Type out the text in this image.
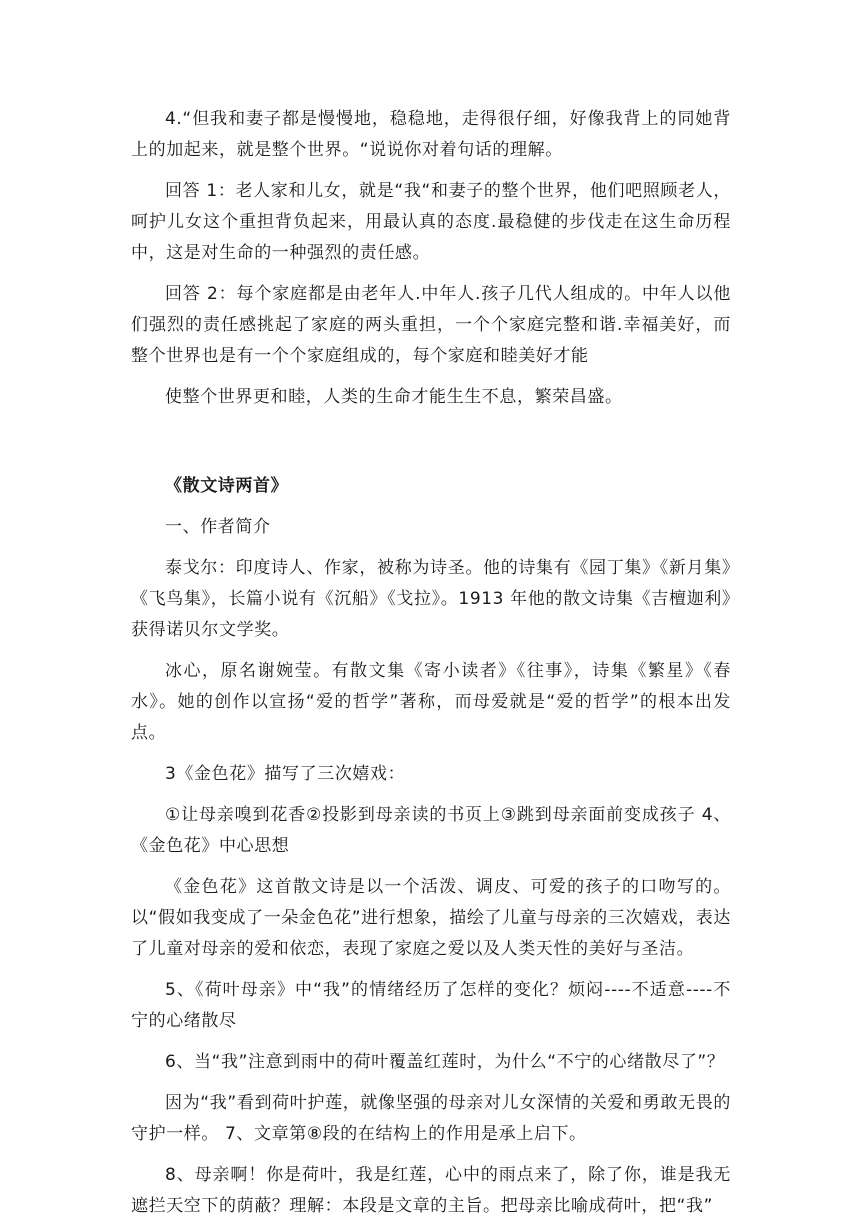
4.“但我和妻子都是慢慢地，稳稳地，走得很仔细，好像我背上的同她背上的加起来，就是整个世界。“说说你对着句话的理解。

回答 1：老人家和儿女，就是“我“和妻子的整个世界，他们吧照顾老人，呵护儿女这个重担背负起来，用最认真的态度.最稳健的步伐走在这生命历程中，这是对生命的一种强烈的责任感。

回答 2：每个家庭都是由老年人.中年人.孩子几代人组成的。中年人以他们强烈的责任感挑起了家庭的两头重担，一个个家庭完整和谐.幸福美好，而整个世界也是有一个个家庭组成的，每个家庭和睦美好才能

使整个世界更和睦，人类的生命才能生生不息，繁荣昌盛。

《散文诗两首》

一、作者简介

泰戈尔：印度诗人、作家，被称为诗圣。他的诗集有《园丁集》《新月集》《飞鸟集》，长篇小说有《沉船》《戈拉》。1913 年他的散文诗集《吉檀迦利》获得诺贝尔文学奖。

冰心，原名谢婉莹。有散文集《寄小读者》《往事》，诗集《繁星》《春水》。她的创作以宣扬“爱的哲学”著称，而母爱就是“爱的哲学”的根本出发点。

3《金色花》描写了三次嬉戏：

①让母亲嗅到花香②投影到母亲读的书页上③跳到母亲面前变成孩子 4、《金色花》中心思想

《金色花》这首散文诗是以一个活泼、调皮、可爱的孩子的口吻写的。以“假如我变成了一朵金色花”进行想象，描绘了儿童与母亲的三次嬉戏，表达了儿童对母亲的爱和依恋，表现了家庭之爱以及人类天性的美好与圣洁。

5、《荷叶母亲》中“我”的情绪经历了怎样的变化？烦闷----不适意----不宁的心绪散尽

6、当“我”注意到雨中的荷叶覆盖红莲时，为什么“不宁的心绪散尽了”？

因为“我”看到荷叶护莲，就像坚强的母亲对儿女深情的关爱和勇敢无畏的守护一样。 7、文章第⑧段的在结构上的作用是承上启下。

8、母亲啊！你是荷叶，我是红莲，心中的雨点来了，除了你，谁是我无遮拦天空下的荫蔽？理解：本段是文章的主旨。把母亲比喻成荷叶，把“我”
